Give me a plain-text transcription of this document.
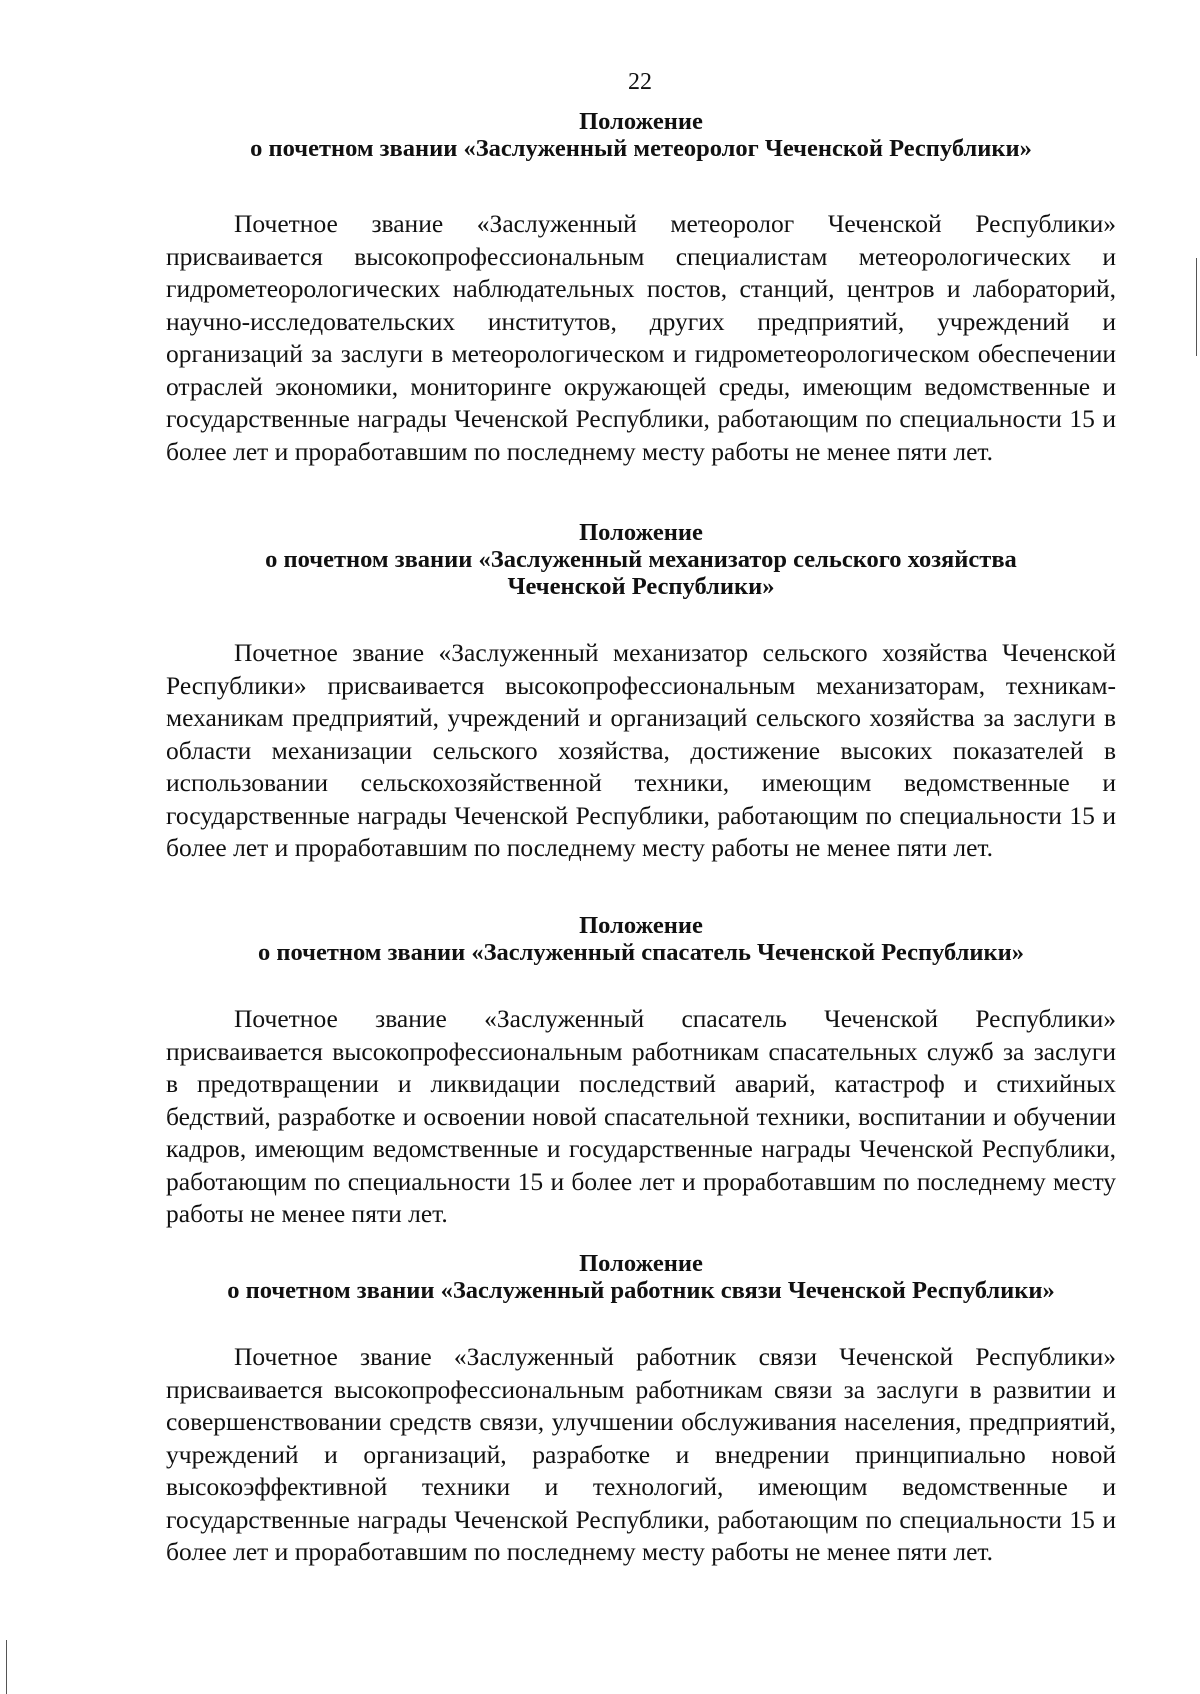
22
Положение
о почетном звании «Заслуженный метеоролог Чеченской Республики»

Почетное звание «Заслуженный метеоролог Чеченской Республики» присваивается высокопрофессиональным специалистам метеорологических и гидрометеорологических наблюдательных постов, станций, центров и лабораторий, научно-исследовательских институтов, других предприятий, учреждений и организаций за заслуги в метеорологическом и гидрометеорологическом обеспечении отраслей экономики, мониторинге окружающей среды, имеющим ведомственные и государственные награды Чеченской Республики, работающим по специальности 15 и более лет и проработавшим по последнему месту работы не менее пяти лет.

Положение
о почетном звании «Заслуженный механизатор сельского хозяйства
Чеченской Республики»

Почетное звание «Заслуженный механизатор сельского хозяйства Чеченской Республики» присваивается высокопрофессиональным механизаторам, техникам-механикам предприятий, учреждений и организаций сельского хозяйства за заслуги в области механизации сельского хозяйства, достижение высоких показателей в использовании сельскохозяйственной техники, имеющим ведомственные и государственные награды Чеченской Республики, работающим по специальности 15 и более лет и проработавшим по последнему месту работы не менее пяти лет.

Положение
о почетном звании «Заслуженный спасатель Чеченской Республики»

Почетное звание «Заслуженный спасатель Чеченской Республики» присваивается высокопрофессиональным работникам спасательных служб за заслуги в предотвращении и ликвидации последствий аварий, катастроф и стихийных бедствий, разработке и освоении новой спасательной техники, воспитании и обучении кадров, имеющим ведомственные и государственные награды Чеченской Республики, работающим по специальности 15 и более лет и проработавшим по последнему месту работы не менее пяти лет.

Положение
о почетном звании «Заслуженный работник связи Чеченской Республики»

Почетное звание «Заслуженный работник связи Чеченской Республики» присваивается высокопрофессиональным работникам связи за заслуги в развитии и совершенствовании средств связи, улучшении обслуживания населения, предприятий, учреждений и организаций, разработке и внедрении принципиально новой высокоэффективной техники и технологий, имеющим ведомственные и государственные награды Чеченской Республики, работающим по специальности 15 и более лет и проработавшим по последнему месту работы не менее пяти лет.
